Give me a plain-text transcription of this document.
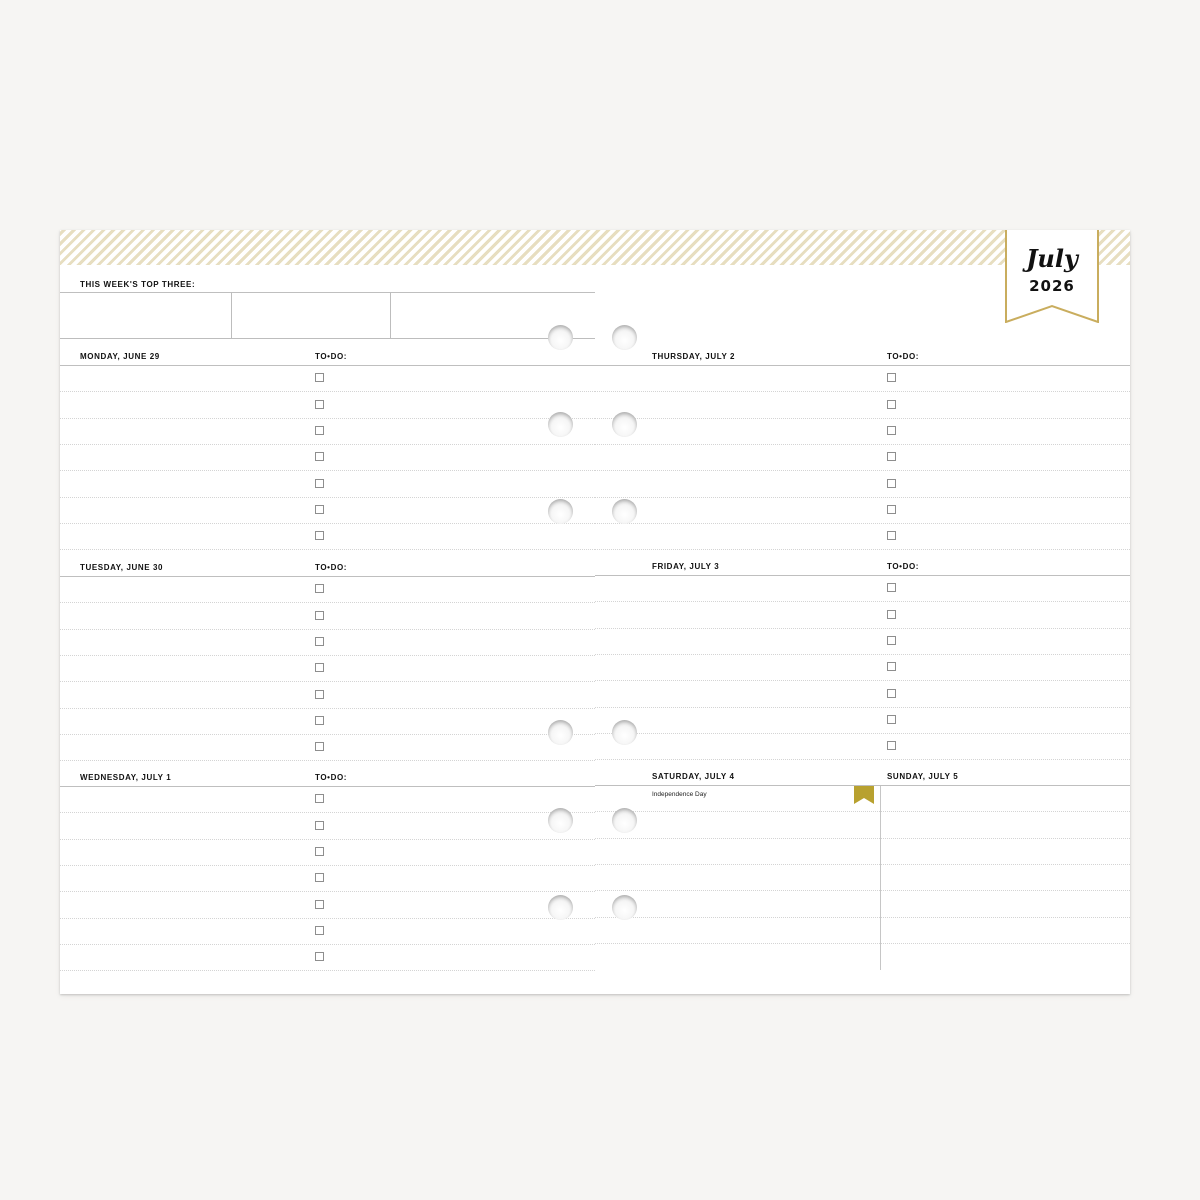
July
2026
THIS WEEK'S TOP THREE:
MONDAY, JUNE 29	TO•DO:
TUESDAY, JUNE 30	TO•DO:
WEDNESDAY, JULY 1	TO•DO:
THURSDAY, JULY 2	TO•DO:
FRIDAY, JULY 3	TO•DO:
SATURDAY, JULY 4	SUNDAY, JULY 5
Independence Day
